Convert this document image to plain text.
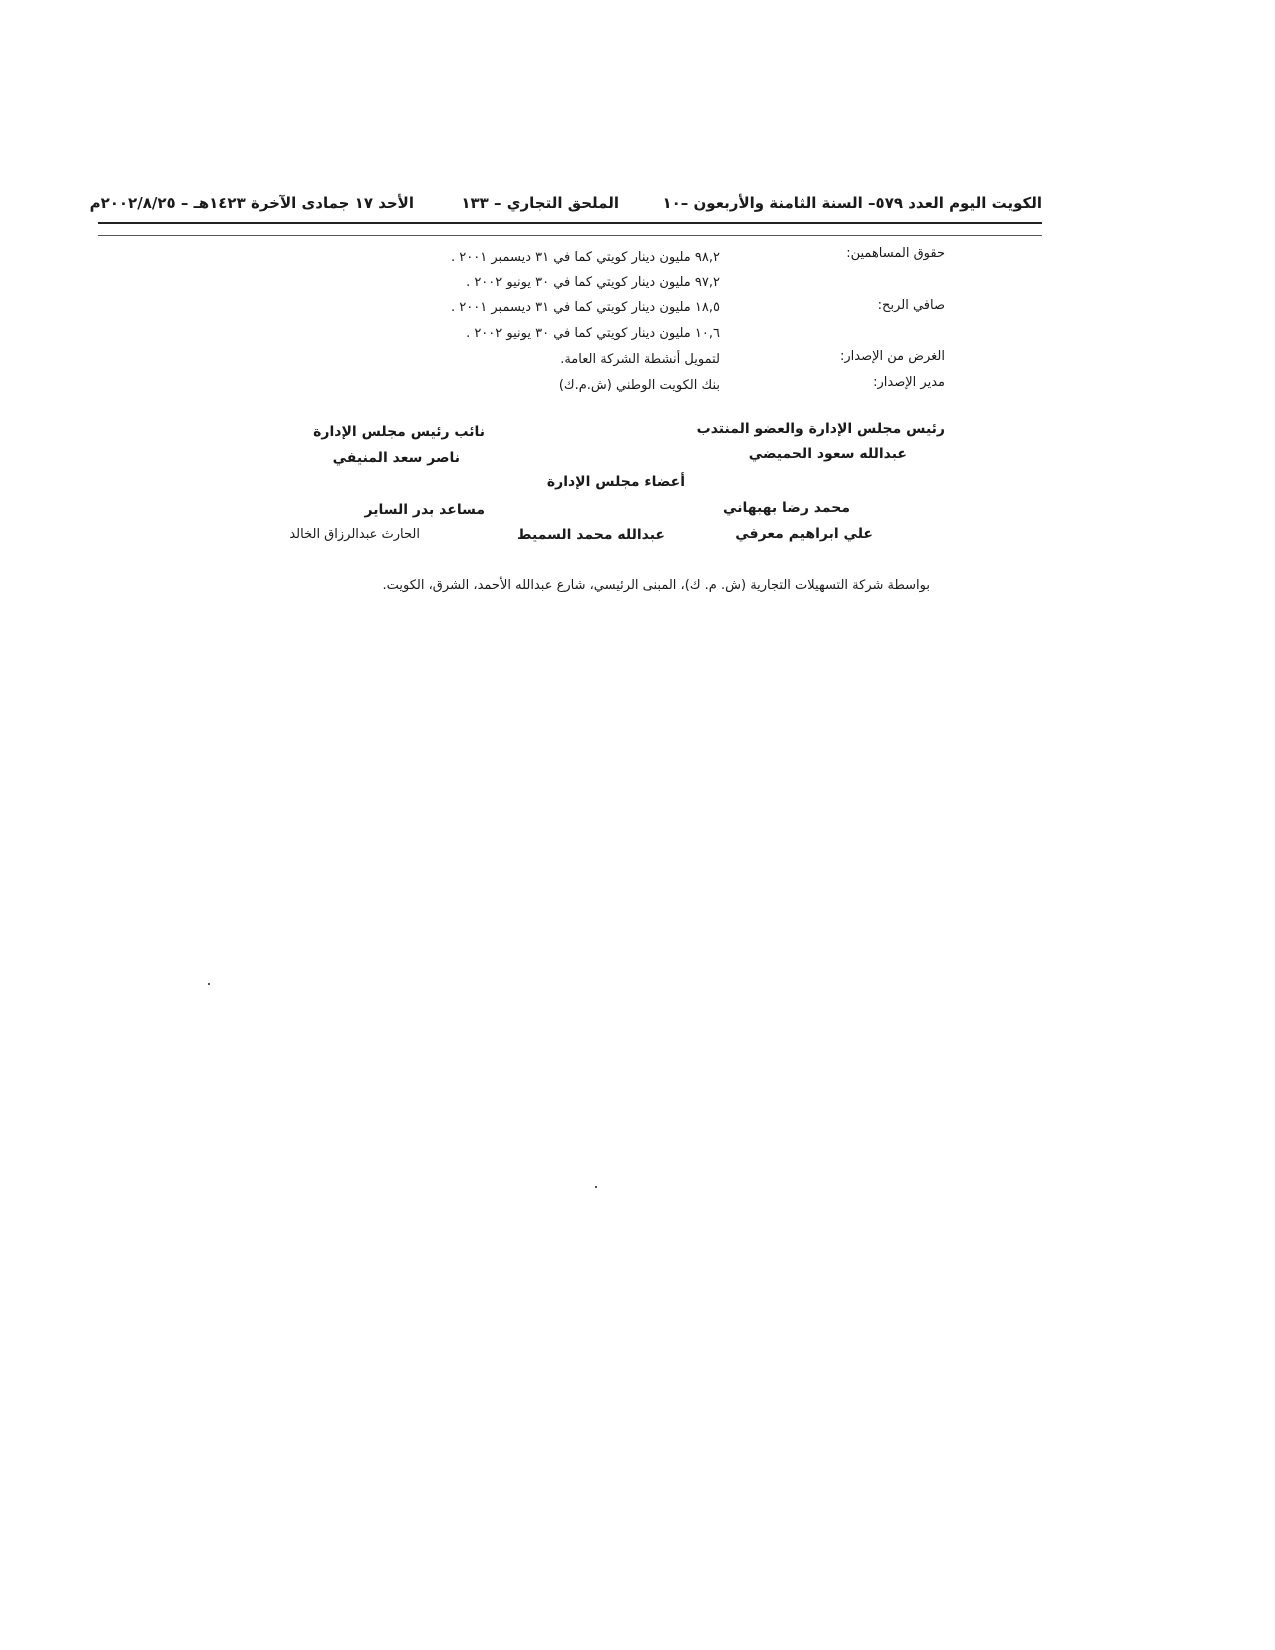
الكويت اليوم العدد ٥٧٩– السنة الثامنة والأربعون –١٠
الملحق التجاري – ١٣٣
الأحد ١٧ جمادى الآخرة ١٤٢٣هـ – ٢٠٠٢/٨/٢٥م
حقوق المساهمين:
٩٨,٢ مليون دينار كويتي كما في ٣١ ديسمبر ٢٠٠١ .
٩٧,٢ مليون دينار كويتي كما في ٣٠ يونيو ٢٠٠٢ .
صافي الربح:
١٨,٥ مليون دينار كويتي كما في ٣١ ديسمبر ٢٠٠١ .
١٠,٦ مليون دينار كويتي كما في ٣٠ يونيو ٢٠٠٢ .
الغرض من الإصدار:
لتمويل أنشطة الشركة العامة.
مدير الإصدار:
بنك الكويت الوطني (ش.م.ك)
رئيس مجلس الإدارة والعضو المنتدب
عبدالله سعود الحميضي
نائب رئيس مجلس الإدارة
ناصر سعد المنيفي
أعضاء مجلس الإدارة
محمد رضا بهبهاني
مساعد بدر الساير
علي ابراهيم معرفي
عبدالله محمد السميط
الحارث عبدالرزاق الخالد
بواسطة شركة التسهيلات التجارية (ش. م. ك)، المبنى الرئيسي، شارع عبدالله الأحمد، الشرق، الكويت.
